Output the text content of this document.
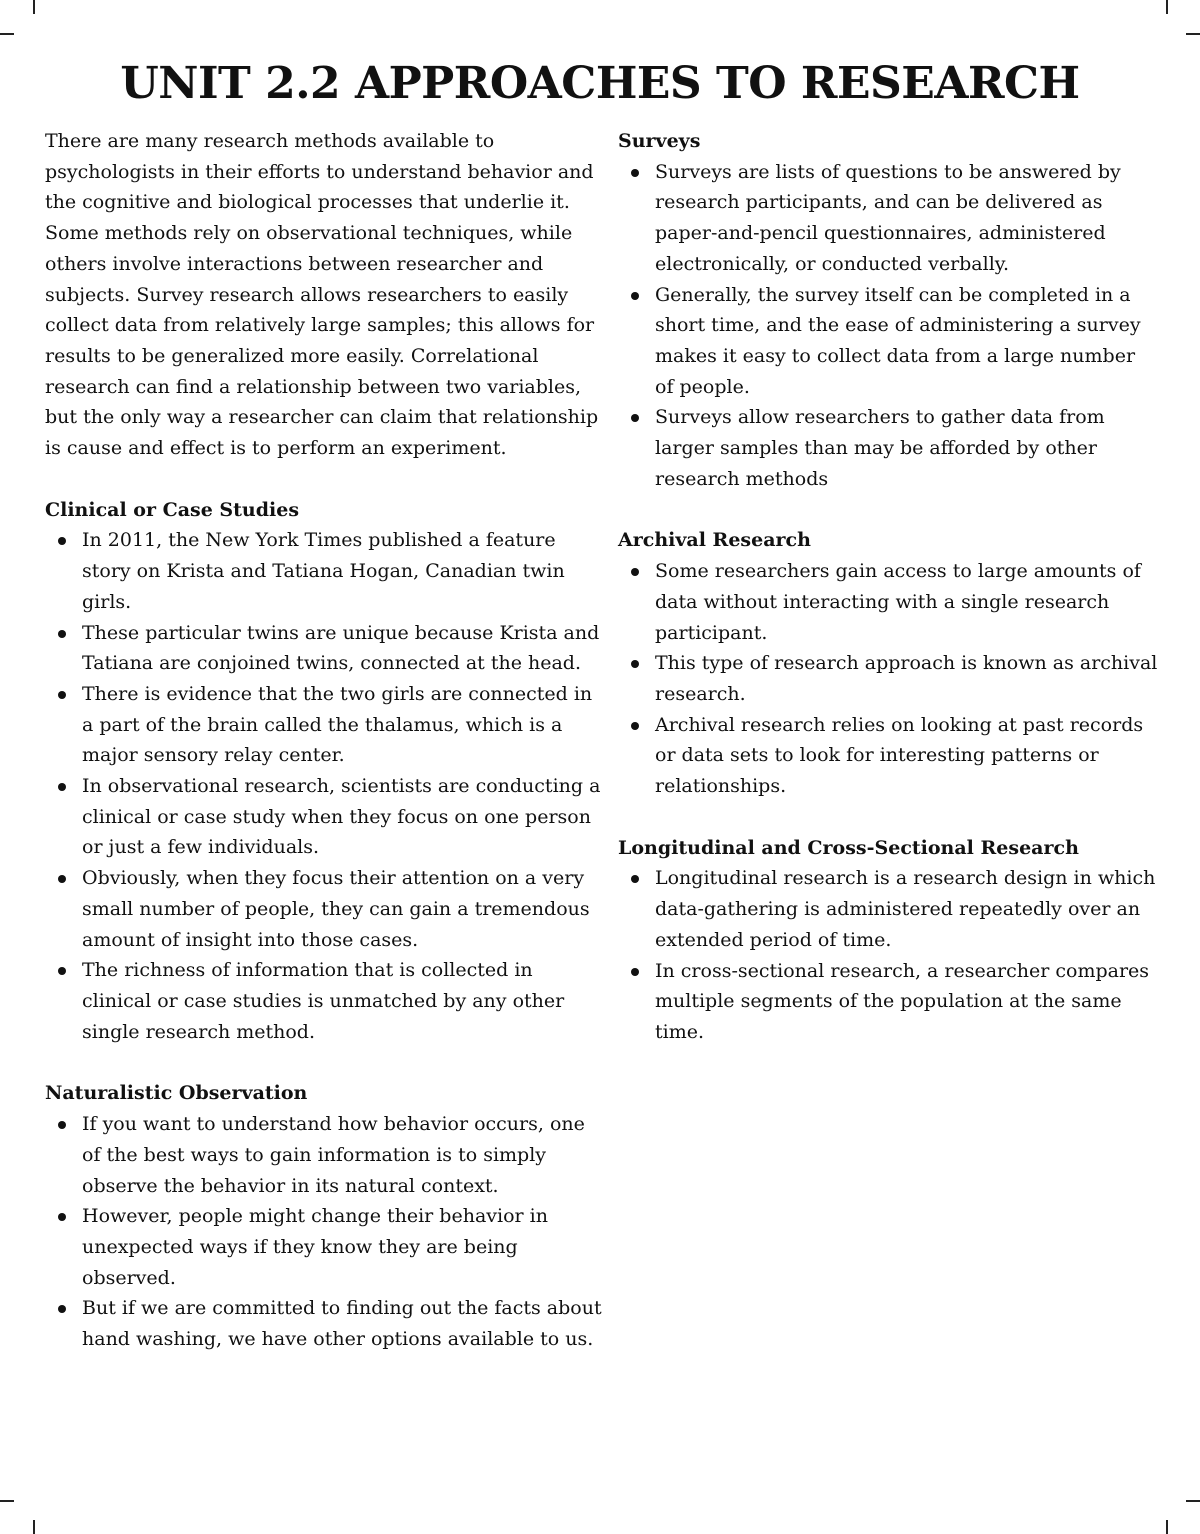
UNIT 2.2 APPROACHES TO RESEARCH

There are many research methods available to psychologists in their efforts to understand behavior and the cognitive and biological processes that underlie it. Some methods rely on observational techniques, while others involve interactions between researcher and subjects. Survey research allows researchers to easily collect data from relatively large samples; this allows for results to be generalized more easily. Correlational research can find a relationship between two variables, but the only way a researcher can claim that relationship is cause and effect is to perform an experiment.

Clinical or Case Studies
In 2011, the New York Times published a feature story on Krista and Tatiana Hogan, Canadian twin girls.
These particular twins are unique because Krista and Tatiana are conjoined twins, connected at the head.
There is evidence that the two girls are connected in a part of the brain called the thalamus, which is a major sensory relay center.
In observational research, scientists are conducting a clinical or case study when they focus on one person or just a few individuals.
Obviously, when they focus their attention on a very small number of people, they can gain a tremendous amount of insight into those cases.
The richness of information that is collected in clinical or case studies is unmatched by any other single research method.
Naturalistic Observation
If you want to understand how behavior occurs, one of the best ways to gain information is to simply observe the behavior in its natural context.
However, people might change their behavior in unexpected ways if they know they are being observed.
But if we are committed to finding out the facts about hand washing, we have other options available to us.
Surveys
Surveys are lists of questions to be answered by research participants, and can be delivered as paper-and-pencil questionnaires, administered electronically, or conducted verbally.
Generally, the survey itself can be completed in a short time, and the ease of administering a survey makes it easy to collect data from a large number of people.
Surveys allow researchers to gather data from larger samples than may be afforded by other research methods
Archival Research
Some researchers gain access to large amounts of data without interacting with a single research participant.
This type of research approach is known as archival research.
Archival research relies on looking at past records or data sets to look for interesting patterns or relationships.
Longitudinal and Cross-Sectional Research
Longitudinal research is a research design in which data-gathering is administered repeatedly over an extended period of time.
In cross-sectional research, a researcher compares multiple segments of the population at the same time.
